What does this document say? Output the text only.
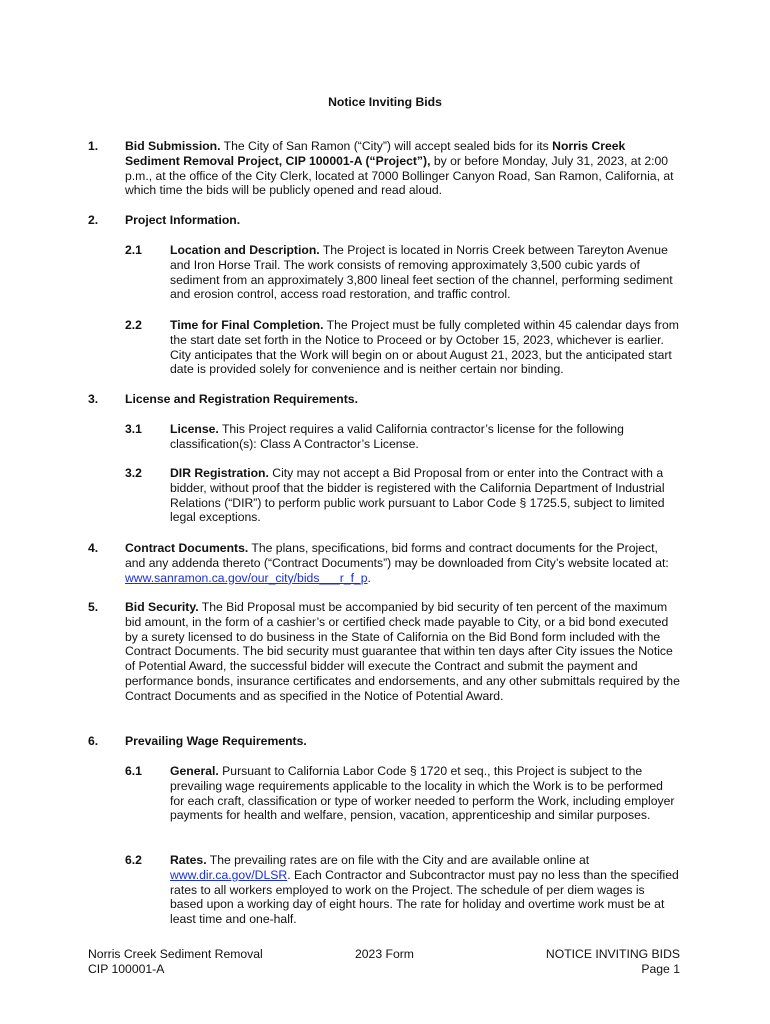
Notice Inviting Bids
1. Bid Submission. The City of San Ramon (“City”) will accept sealed bids for its Norris Creek Sediment Removal Project, CIP 100001-A (“Project”), by or before Monday, July 31, 2023, at 2:00 p.m., at the office of the City Clerk, located at 7000 Bollinger Canyon Road, San Ramon, California, at which time the bids will be publicly opened and read aloud.
2. Project Information.
2.1 Location and Description. The Project is located in Norris Creek between Tareyton Avenue and Iron Horse Trail. The work consists of removing approximately 3,500 cubic yards of sediment from an approximately 3,800 lineal feet section of the channel, performing sediment and erosion control, access road restoration, and traffic control.
2.2 Time for Final Completion. The Project must be fully completed within 45 calendar days from the start date set forth in the Notice to Proceed or by October 15, 2023, whichever is earlier. City anticipates that the Work will begin on or about August 21, 2023, but the anticipated start date is provided solely for convenience and is neither certain nor binding.
3. License and Registration Requirements.
3.1 License. This Project requires a valid California contractor’s license for the following classification(s): Class A Contractor’s License.
3.2 DIR Registration. City may not accept a Bid Proposal from or enter into the Contract with a bidder, without proof that the bidder is registered with the California Department of Industrial Relations (“DIR”) to perform public work pursuant to Labor Code § 1725.5, subject to limited legal exceptions.
4. Contract Documents. The plans, specifications, bid forms and contract documents for the Project, and any addenda thereto (“Contract Documents”) may be downloaded from City’s website located at: www.sanramon.ca.gov/our_city/bids___r_f_p.
5. Bid Security. The Bid Proposal must be accompanied by bid security of ten percent of the maximum bid amount, in the form of a cashier’s or certified check made payable to City, or a bid bond executed by a surety licensed to do business in the State of California on the Bid Bond form included with the Contract Documents. The bid security must guarantee that within ten days after City issues the Notice of Potential Award, the successful bidder will execute the Contract and submit the payment and performance bonds, insurance certificates and endorsements, and any other submittals required by the Contract Documents and as specified in the Notice of Potential Award.
6. Prevailing Wage Requirements.
6.1 General. Pursuant to California Labor Code § 1720 et seq., this Project is subject to the prevailing wage requirements applicable to the locality in which the Work is to be performed for each craft, classification or type of worker needed to perform the Work, including employer payments for health and welfare, pension, vacation, apprenticeship and similar purposes.
6.2 Rates. The prevailing rates are on file with the City and are available online at www.dir.ca.gov/DLSR. Each Contractor and Subcontractor must pay no less than the specified rates to all workers employed to work on the Project. The schedule of per diem wages is based upon a working day of eight hours. The rate for holiday and overtime work must be at least time and one-half.
Norris Creek Sediment Removal
CIP 100001-A
2023 Form	NOTICE INVITING BIDS
Page 1
